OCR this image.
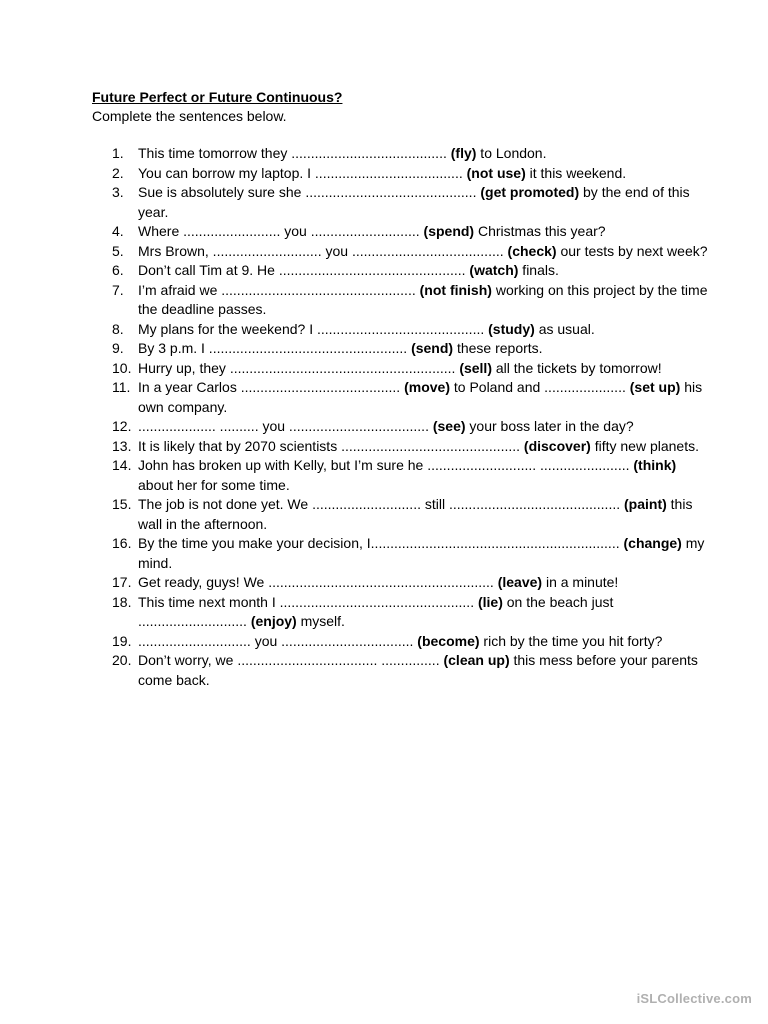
Future Perfect or Future Continuous?

Complete the sentences below.

1.	This time tomorrow they ........................................ (fly) to London.
2.	You can borrow my laptop. I ...................................... (not use) it this weekend.
3.	Sue is absolutely sure she ............................................ (get promoted) by the end of this year.
4.	Where ......................... you ............................ (spend) Christmas this year?
5.	Mrs Brown, ............................ you ....................................... (check) our tests by next week?
6.	Don’t call Tim at 9. He ................................................ (watch) finals.
7.	I’m afraid we .................................................. (not finish) working on this project by the time the deadline passes.
8.	My plans for the weekend? I ........................................... (study) as usual.
9.	By 3 p.m. I ................................................... (send) these reports.
10. Hurry up, they .......................................................... (sell) all the tickets by tomorrow!
11. In a year Carlos ......................................... (move) to Poland and ..................... (set up) his own company.
12. .................... .......... you .................................... (see) your boss later in the day?
13. It is likely that by 2070 scientists .............................................. (discover) fifty new planets.
14. John has broken up with Kelly, but I’m sure he ............................ ....................... (think) about her for some time.
15. The job is not done yet. We ............................ still ............................................ (paint) this wall in the afternoon.
16. By the time you make your decision, I................................................................ (change) my mind.
17. Get ready, guys! We .......................................................... (leave) in a minute!
18. This time next month I .................................................. (lie) on the beach just ............................ (enjoy) myself.
19. ............................. you .................................. (become) rich by the time you hit forty?
20. Don’t worry, we .................................... ............... (clean up) this mess before your parents come back.
iSLCollective.com
